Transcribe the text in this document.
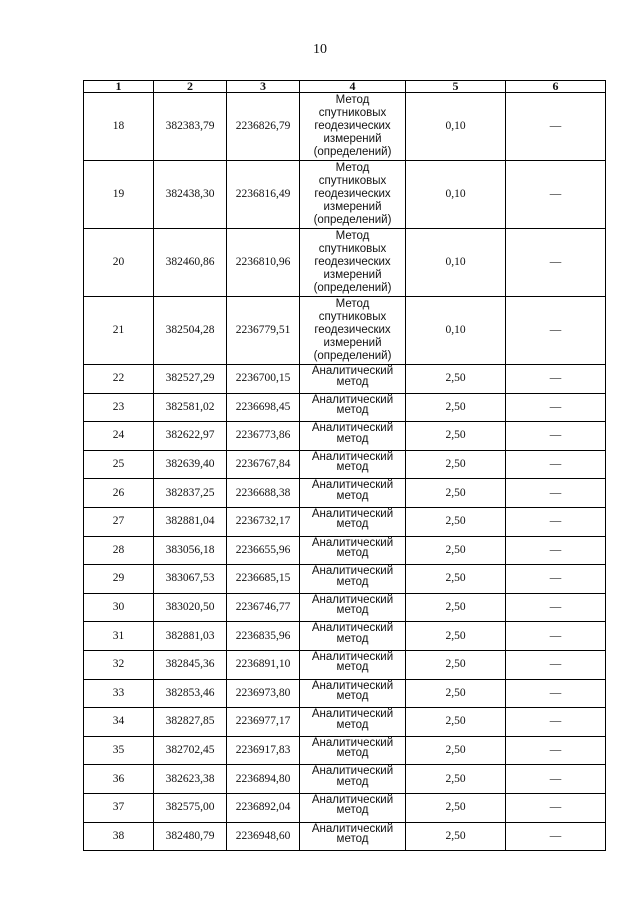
10
1	2	3	4	5	6
18	382383,79	2236826,79	Метод
спутниковых
геодезических
измерений
(определений)	0,10	—
19	382438,30	2236816,49	Метод
спутниковых
геодезических
измерений
(определений)	0,10	—
20	382460,86	2236810,96	Метод
спутниковых
геодезических
измерений
(определений)	0,10	—
21	382504,28	2236779,51	Метод
спутниковых
геодезических
измерений
(определений)	0,10	—
22	382527,29	2236700,15	Аналитический
метод	2,50	—
23	382581,02	2236698,45	Аналитический
метод	2,50	—
24	382622,97	2236773,86	Аналитический
метод	2,50	—
25	382639,40	2236767,84	Аналитический
метод	2,50	—
26	382837,25	2236688,38	Аналитический
метод	2,50	—
27	382881,04	2236732,17	Аналитический
метод	2,50	—
28	383056,18	2236655,96	Аналитический
метод	2,50	—
29	383067,53	2236685,15	Аналитический
метод	2,50	—
30	383020,50	2236746,77	Аналитический
метод	2,50	—
31	382881,03	2236835,96	Аналитический
метод	2,50	—
32	382845,36	2236891,10	Аналитический
метод	2,50	—
33	382853,46	2236973,80	Аналитический
метод	2,50	—
34	382827,85	2236977,17	Аналитический
метод	2,50	—
35	382702,45	2236917,83	Аналитический
метод	2,50	—
36	382623,38	2236894,80	Аналитический
метод	2,50	—
37	382575,00	2236892,04	Аналитический
метод	2,50	—
38	382480,79	2236948,60	Аналитический
метод	2,50	—
